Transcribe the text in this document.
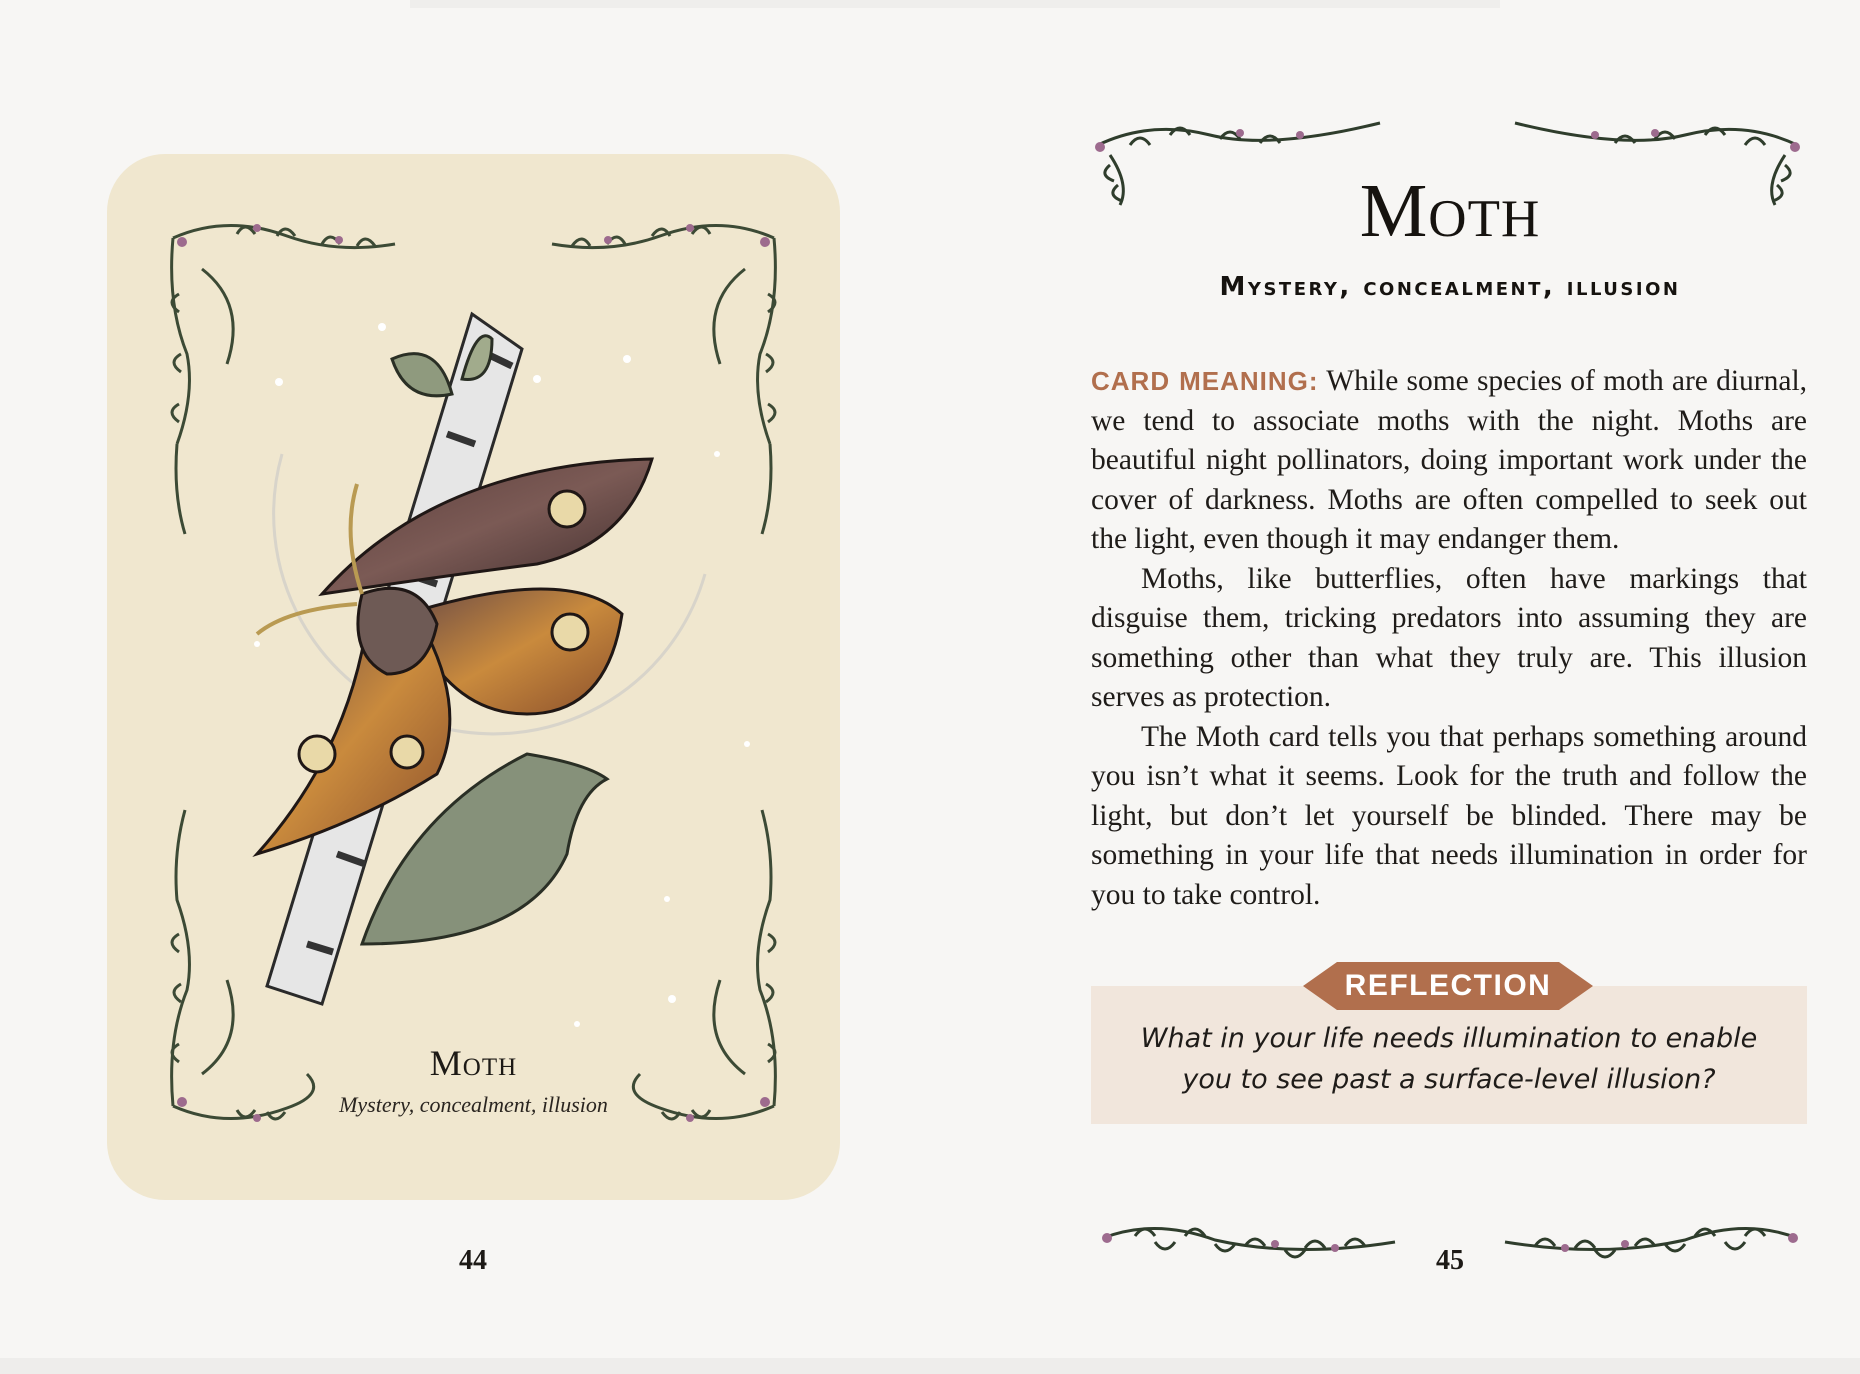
Moth
Mystery, concealment, illusion
44
Moth
Mystery, concealment, illusion

CARD MEANING: While some species of moth are diurnal, we tend to associate moths with the night. Moths are beautiful night pollinators, doing important work under the cover of darkness. Moths are often compelled to seek out the light, even though it may endanger them.

Moths, like butterflies, often have markings that disguise them, tricking predators into assuming they are something other than what they truly are. This illusion serves as protection.

The Moth card tells you that perhaps something around you isn’t what it seems. Look for the truth and follow the light, but don’t let yourself be blinded. There may be something in your life that needs illumination in order for you to take control.

REFLECTION
What in your life needs illumination to enable
you to see past a surface-level illusion?
45
